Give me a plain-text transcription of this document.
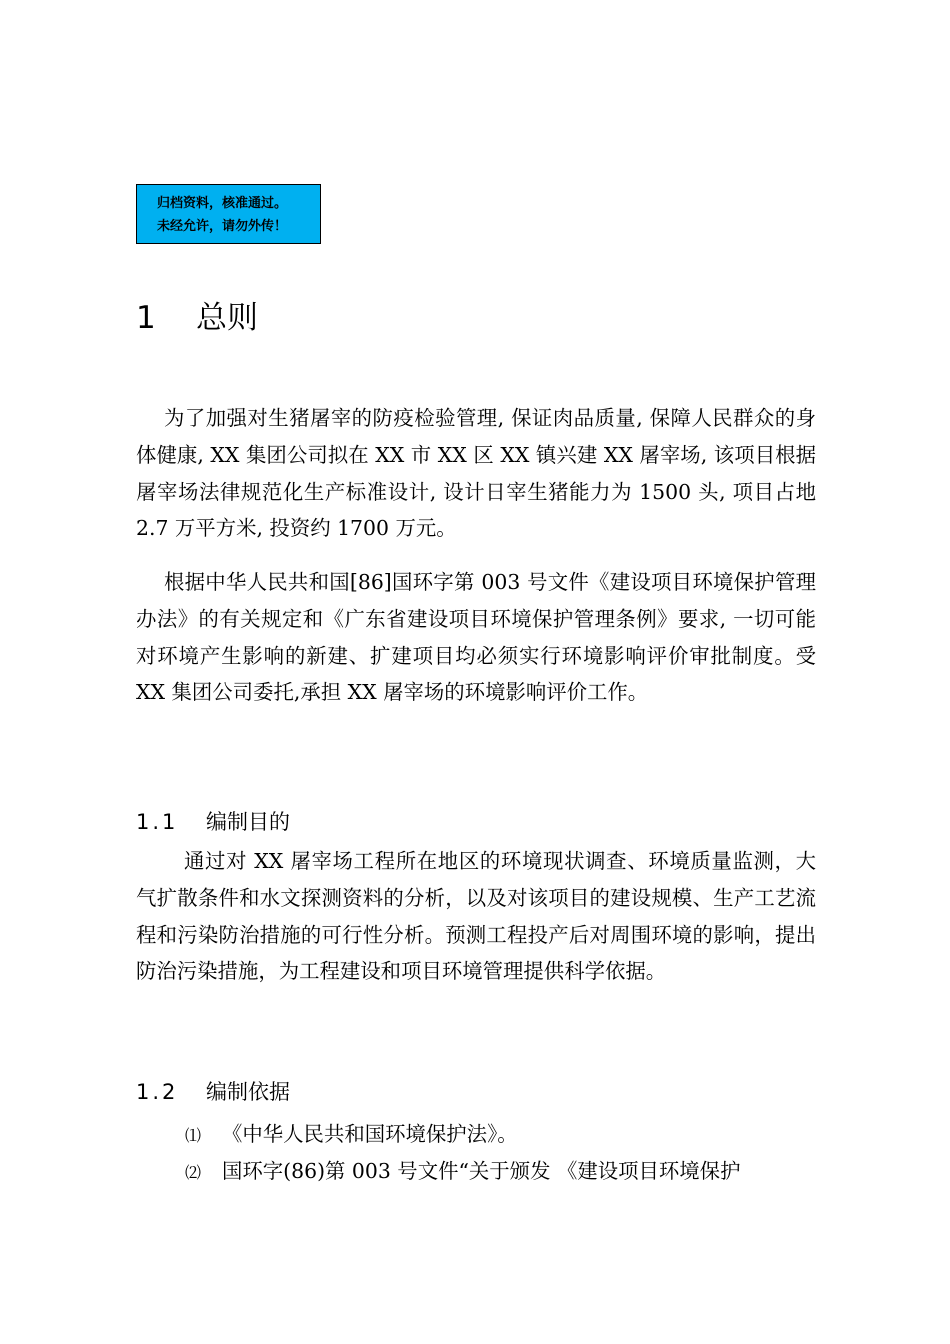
归档资料，核准通过。
未经允许，请勿外传！
1 总则
为了加强对生猪屠宰的防疫检验管理, 保证肉品质量, 保障人民群众的身体健康, XX 集团公司拟在 XX 市 XX 区 XX 镇兴建 XX 屠宰场, 该项目根据屠宰场法律规范化生产标准设计, 设计日宰生猪能力为 1500 头, 项目占地 2.7 万平方米, 投资约 1700 万元。
根据中华人民共和国[86]国环字第 003 号文件《建设项目环境保护管理办法》的有关规定和《广东省建设项目环境保护管理条例》要求, 一切可能对环境产生影响的新建、扩建项目均必须实行环境影响评价审批制度。受 XX 集团公司委托,承担 XX 屠宰场的环境影响评价工作。
1.1 编制目的
通过对 XX 屠宰场工程所在地区的环境现状调查、环境质量监测，大气扩散条件和水文探测资料的分析，以及对该项目的建设规模、生产工艺流程和污染防治措施的可行性分析。预测工程投产后对周围环境的影响，提出防治污染措施，为工程建设和项目环境管理提供科学依据。
1.2 编制依据
⑴ 《中华人民共和国环境保护法》。
⑵ 国环字(86)第 003 号文件“关于颁发 《建设项目环境保护
